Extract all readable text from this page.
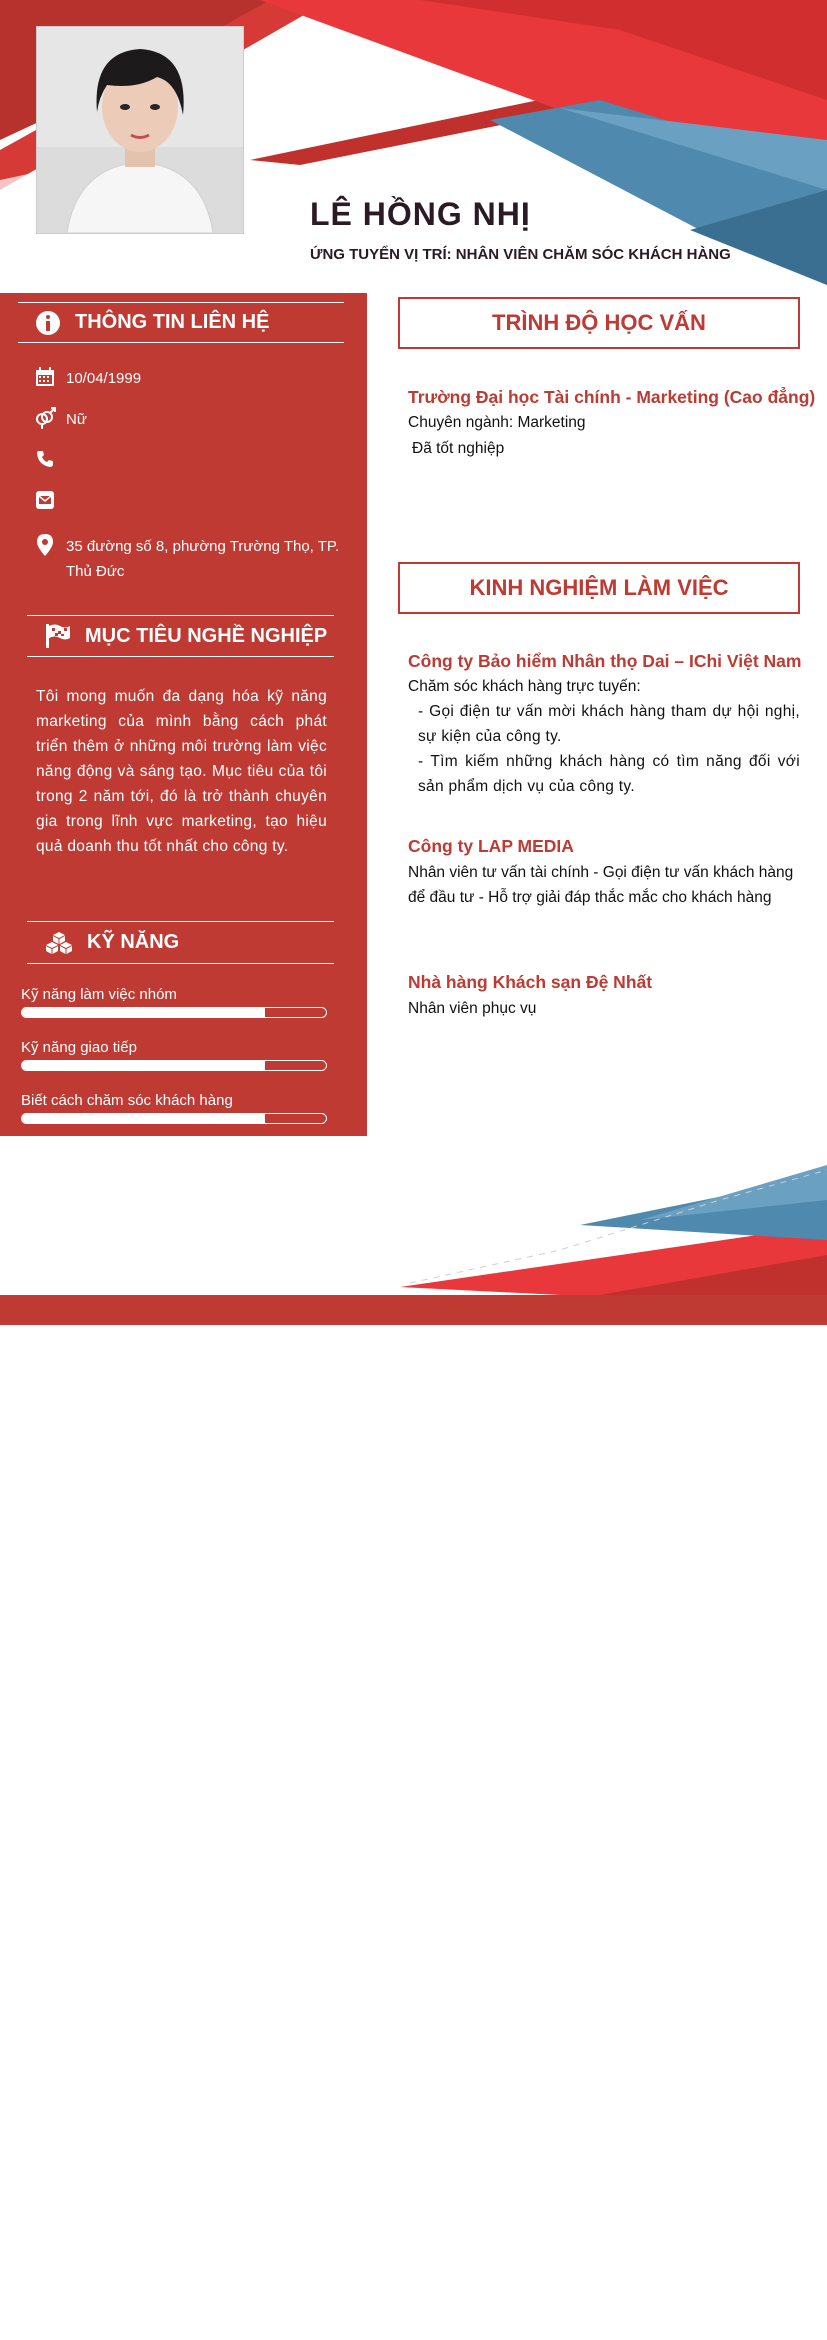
LÊ HỒNG NHỊ
ỨNG TUYỂN VỊ TRÍ: NHÂN VIÊN CHĂM SÓC KHÁCH HÀNG
THÔNG TIN LIÊN HỆ
10/04/1999
Nữ
35 đường số 8, phường Trường Thọ, TP.
Thủ Đức
MỤC TIÊU NGHỀ NGHIỆP
Tôi mong muốn đa dạng hóa kỹ năng marketing của mình bằng cách phát triển thêm ở những môi trường làm việc năng động và sáng tạo. Mục tiêu của tôi trong 2 năm tới, đó là trở thành chuyên gia trong lĩnh vực marketing, tạo hiệu quả doanh thu tốt nhất cho công ty.
KỸ NĂNG
Kỹ năng làm việc nhóm
Kỹ năng giao tiếp
Biết cách chăm sóc khách hàng
TRÌNH ĐỘ HỌC VẤN
Trường Đại học Tài chính - Marketing (Cao đẳng)
Chuyên ngành: Marketing
Đã tốt nghiệp
KINH NGHIỆM LÀM VIỆC
Công ty Bảo hiểm Nhân thọ Dai – IChi Việt Nam
Chăm sóc khách hàng trực tuyến:
- Gọi điện tư vấn mời khách hàng tham dự hội nghị, sự kiện của công ty.
- Tìm kiếm những khách hàng có tìm năng đối với sản phẩm dịch vụ của công ty.
Công ty LAP MEDIA
Nhân viên tư vấn tài chính - Gọi điện tư vấn khách hàng để đầu tư - Hỗ trợ giải đáp thắc mắc cho khách hàng
Nhà hàng Khách sạn Đệ Nhất
Nhân viên phục vụ
